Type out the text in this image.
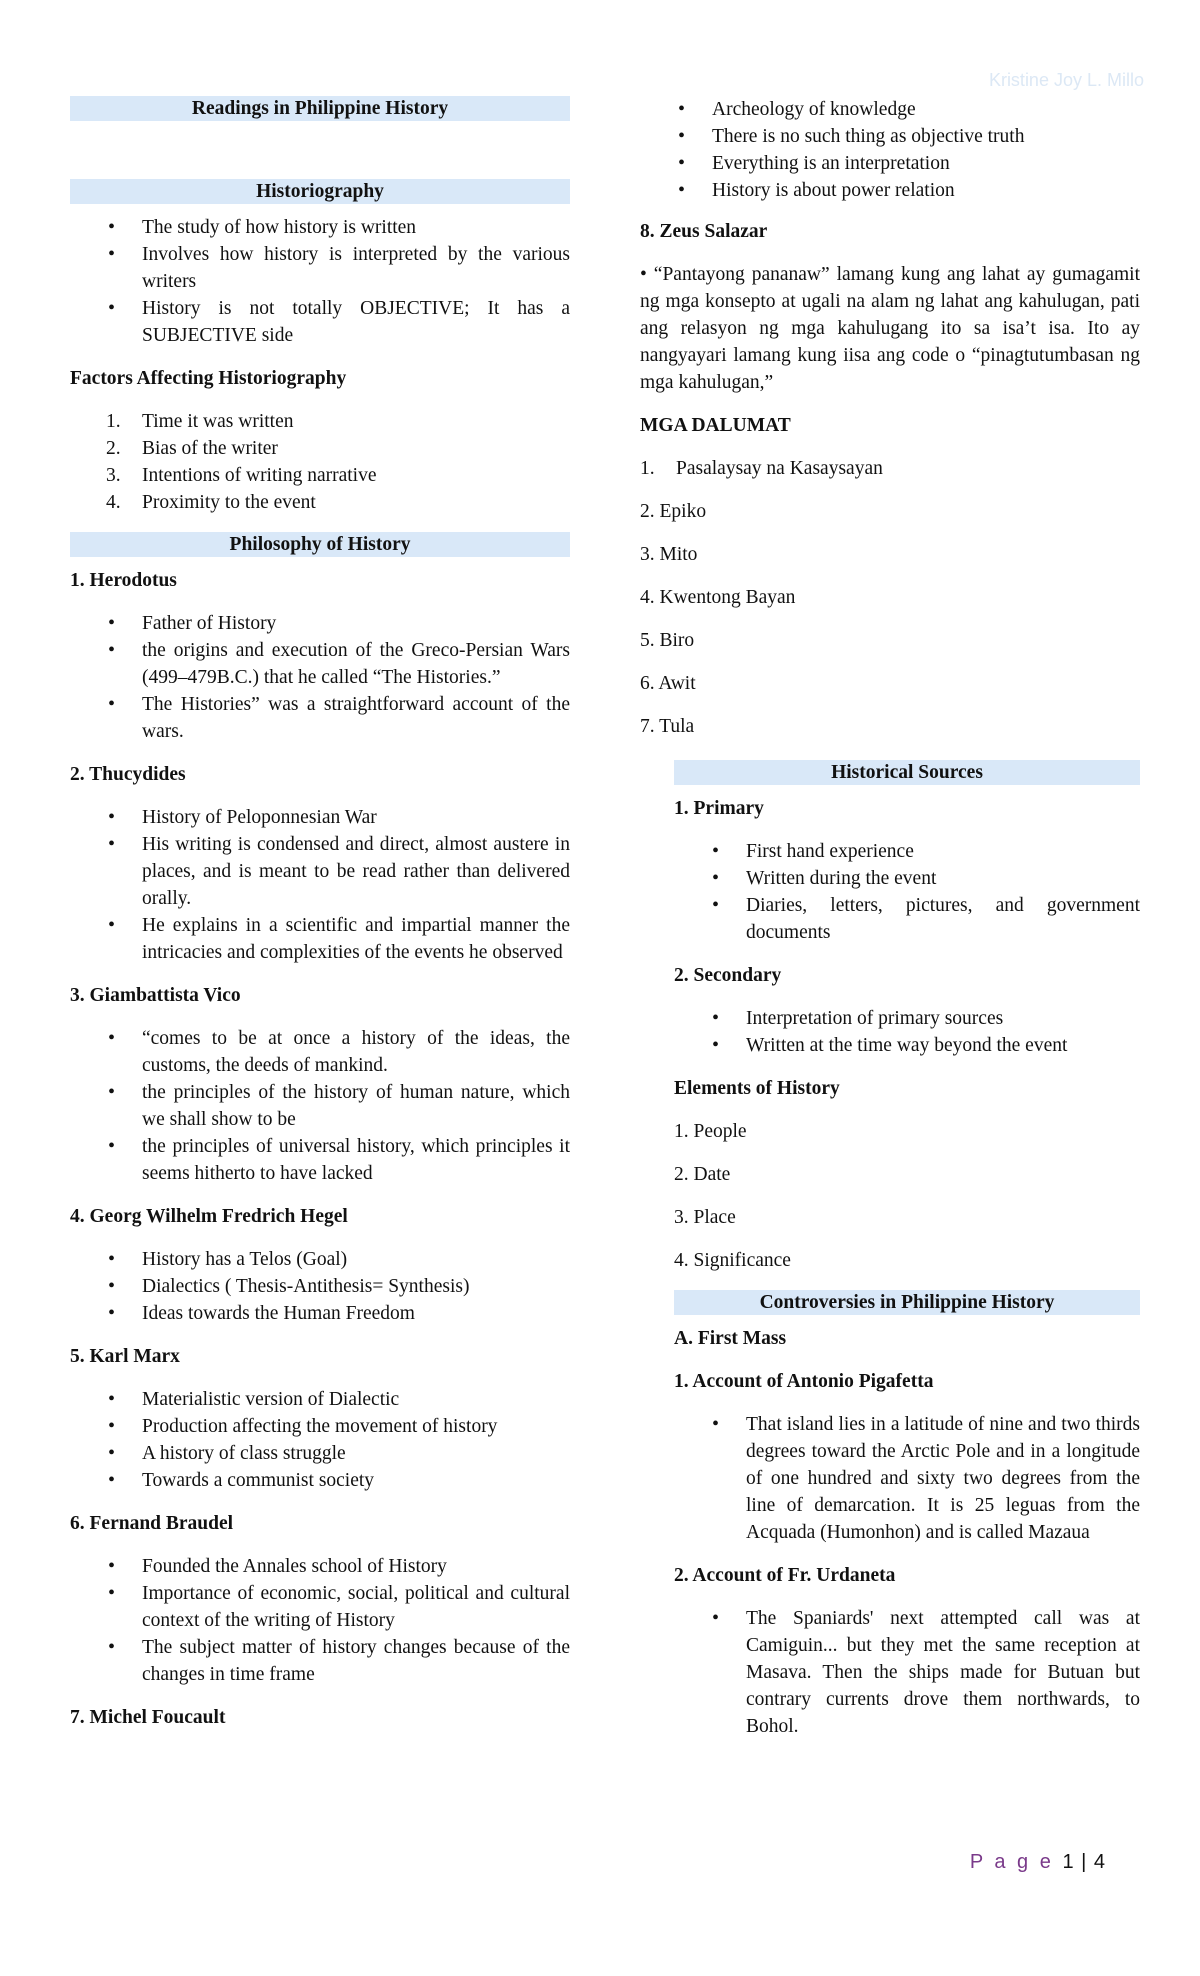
Kristine Joy L. Millo
Readings in Philippine History
Historiography
• The study of how history is written
• Involves how history is interpreted by the various writers
• History is not totally OBJECTIVE; It has a SUBJECTIVE side
Factors Affecting Historiography
1. Time it was written
2. Bias of the writer
3. Intentions of writing narrative
4. Proximity to the event
Philosophy of History
1. Herodotus
• Father of History
• the origins and execution of the Greco-Persian Wars (499–479B.C.) that he called “The Histories.”
• The Histories” was a straightforward account of the wars.
2. Thucydides
• History of Peloponnesian War
• His writing is condensed and direct, almost austere in places, and is meant to be read rather than delivered orally.
• He explains in a scientific and impartial manner the intricacies and complexities of the events he observed
3. Giambattista Vico
• “comes to be at once a history of the ideas, the customs, the deeds of mankind.
• the principles of the history of human nature, which we shall show to be
• the principles of universal history, which principles it seems hitherto to have lacked
4. Georg Wilhelm Fredrich Hegel
• History has a Telos (Goal)
• Dialectics ( Thesis-Antithesis= Synthesis)
• Ideas towards the Human Freedom
5. Karl Marx
• Materialistic version of Dialectic
• Production affecting the movement of history
• A history of class struggle
• Towards a communist society
6. Fernand Braudel
• Founded the Annales school of History
• Importance of economic, social, political and cultural context of the writing of History
• The subject matter of history changes because of the changes in time frame
7. Michel Foucault
• Archeology of knowledge
• There is no such thing as objective truth
• Everything is an interpretation
• History is about power relation
8. Zeus Salazar
• “Pantayong pananaw” lamang kung ang lahat ay gumagamit ng mga konsepto at ugali na alam ng lahat ang kahulugan, pati ang relasyon ng mga kahulugang ito sa isa’t isa. Ito ay nangyayari lamang kung iisa ang code o “pinagtutumbasan ng mga kahulugan,”
MGA DALUMAT
1. Pasalaysay na Kasaysayan
2. Epiko
3. Mito
4. Kwentong Bayan
5. Biro
6. Awit
7. Tula
Historical Sources
1. Primary
• First hand experience
• Written during the event
• Diaries, letters, pictures, and government documents
2. Secondary
• Interpretation of primary sources
• Written at the time way beyond the event
Elements of History
1. People
2. Date
3. Place
4. Significance
Controversies in Philippine History
A. First Mass
1. Account of Antonio Pigafetta
• That island lies in a latitude of nine and two thirds degrees toward the Arctic Pole and in a longitude of one hundred and sixty two degrees from the line of demarcation. It is 25 leguas from the Acquada (Humonhon) and is called Mazaua
2. Account of Fr. Urdaneta
• The Spaniards' next attempted call was at Camiguin... but they met the same reception at Masava. Then the ships made for Butuan but contrary currents drove them northwards, to Bohol.
P a g e 1 | 4
